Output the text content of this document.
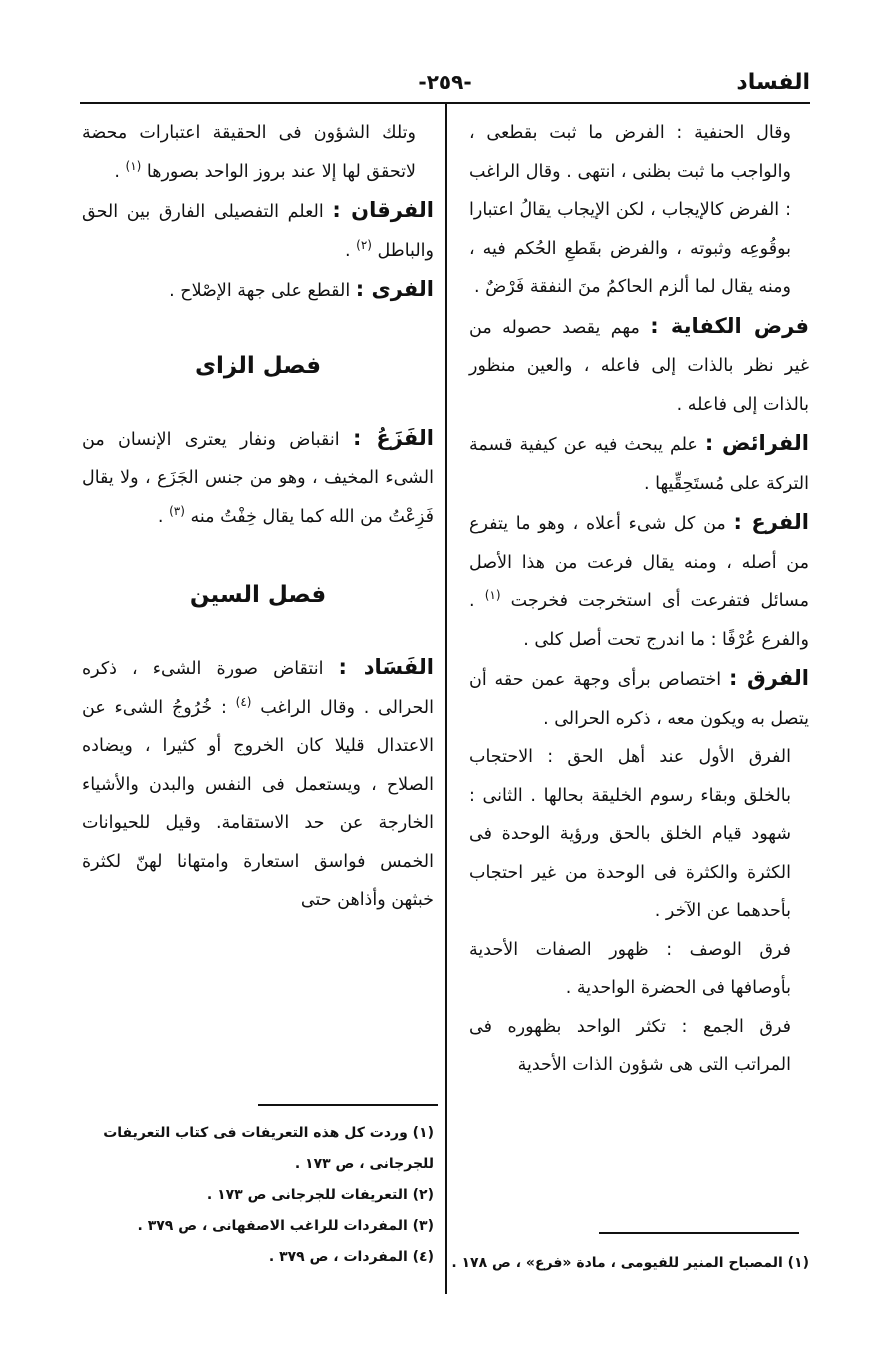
الفساد
-٢٥٩-

وقال الحنفية : الفرض ما ثبت بقطعى ، والواجب ما ثبت بظنى ، انتهى . وقال الراغب : الفرض كالإيجاب ، لكن الإيجاب يقالُ اعتبارا بوقُوعِه وثبوته ، والفرض بقَطعِ الحُكم فيه ، ومنه يقال لما ألزم الحاكمُ منَ النفقة فَرْضٌ .

فرض الكفاية : مهم يقصد حصوله من غير نظر بالذات إلى فاعله ، والعين منظور بالذات إلى فاعله .

الفرائض : علم يبحث فيه عن كيفية قسمة التركة على مُستَحِقِّيها .

الفرع : من كل شىء أعلاه ، وهو ما يتفرع من أصله ، ومنه يقال فرعت من هذا الأصل مسائل فتفرعت أى استخرجت فخرجت $^{(١)}$ . والفرع عُرْفًا : ما اندرج تحت أصل كلى .

الفرق : اختصاص برأى وجهة عمن حقه أن يتصل به ويكون معه ، ذكره الحرالى .

الفرق الأول عند أهل الحق : الاحتجاب بالخلق وبقاء رسوم الخليقة بحالها . الثانى : شهود قيام الخلق بالحق ورؤية الوحدة فى الكثرة والكثرة فى الوحدة من غير احتجاب بأحدهما عن الآخر .

فرق الوصف : ظهور الصفات الأحدية بأوصافها فى الحضرة الواحدية .

فرق الجمع : تكثر الواحد بظهوره فى المراتب التى هى شؤون الذات الأحدية

وتلك الشؤون فى الحقيقة اعتبارات محضة لاتحقق لها إلا عند بروز الواحد بصورها $^{(١)}$ .

الفرقان : العلم التفصيلى الفارق بين الحق والباطل $^{(٢)}$ .

الفرى : القطع على جهة الإصْلاح .

فصل الزاى

الفَزَعُ : انقباض ونفار يعترى الإنسان من الشىء المخيف ، وهو من جنس الجَزَع ، ولا يقال فَزِعْتُ من الله كما يقال خِفْتُ منه $^{(٣)}$ .

فصل السين

الفَسَاد : انتقاض صورة الشىء ، ذكره الحرالى . وقال الراغب $^{(٤)}$ : خُرُوجُ الشىء عن الاعتدال قليلا كان الخروج أو كثيرا ، ويضاده الصلاح ، ويستعمل فى النفس والبدن والأشياء الخارجة عن حد الاستقامة. وقيل للحيوانات الخمس فواسق استعارة وامتهانا لهنّ لكثرة خبثهن وأذاهن حتى

(١) المصباح المنير للفيومى ، مادة «فرع» ، ص ١٧٨ .

(١) وردت كل هذه التعريفات فى كتاب التعريفات للجرجانى ، ص ١٧٣ .

(٢) التعريفات للجرجانى ص ١٧٣ .

(٣) المفردات للراغب الاصفهانى ، ص ٣٧٩ .

(٤) المفردات ، ص ٣٧٩ .
